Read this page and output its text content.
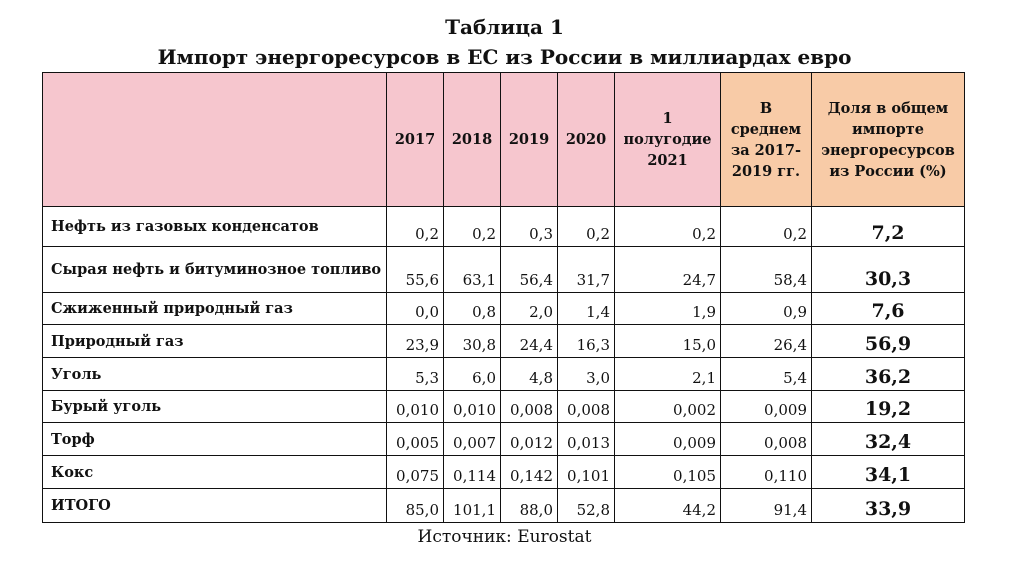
Таблица 1
Импорт энергоресурсов в ЕС из России в миллиардах евро
	2017	2018	2019	2020	1 полугодие 2021	В среднем за 2017-2019 гг.	Доля в общем импорте энергоресурсов из России (%)
Нефть из газовых конденсатов	0,2	0,2	0,3	0,2	0,2	0,2	7,2
Сырая нефть и битуминозное топливо	55,6	63,1	56,4	31,7	24,7	58,4	30,3
Сжиженный природный газ	0,0	0,8	2,0	1,4	1,9	0,9	7,6
Природный газ	23,9	30,8	24,4	16,3	15,0	26,4	56,9
Уголь	5,3	6,0	4,8	3,0	2,1	5,4	36,2
Бурый уголь	0,010	0,010	0,008	0,008	0,002	0,009	19,2
Торф	0,005	0,007	0,012	0,013	0,009	0,008	32,4
Кокс	0,075	0,114	0,142	0,101	0,105	0,110	34,1
ИТОГО	85,0	101,1	88,0	52,8	44,2	91,4	33,9
Источник: Eurostat
